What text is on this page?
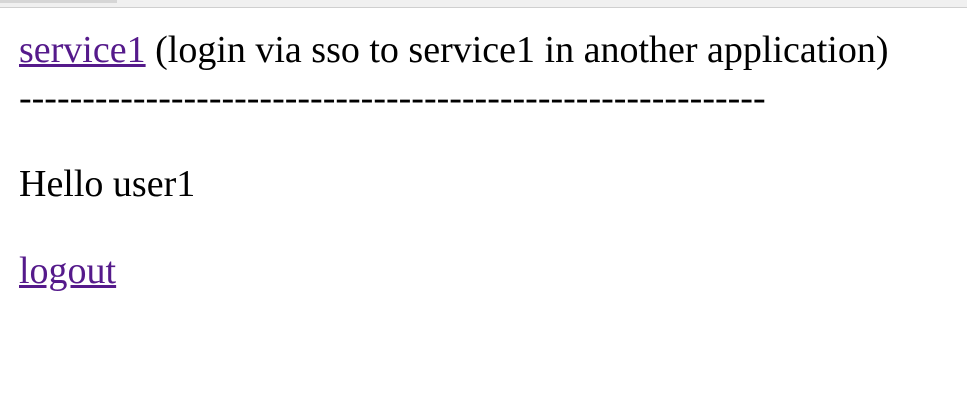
service1 (login via sso to service1 in another application)
-----------------------------------------------------------
Hello user1
logout
